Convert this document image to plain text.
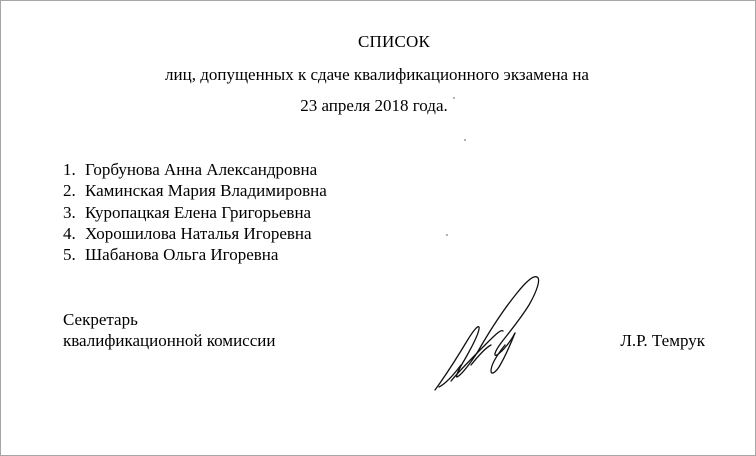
СПИСОК
лиц, допущенных к сдаче квалификационного экзамена на
23 апреля 2018 года.
1. Горбунова Анна Александровна
2. Каминская Мария Владимировна
3. Куропацкая Елена Григорьевна
4. Хорошилова Наталья Игоревна
5. Шабанова Ольга Игоревна
Секретарь
квалификационной комиссии	Л.Р. Темрук
